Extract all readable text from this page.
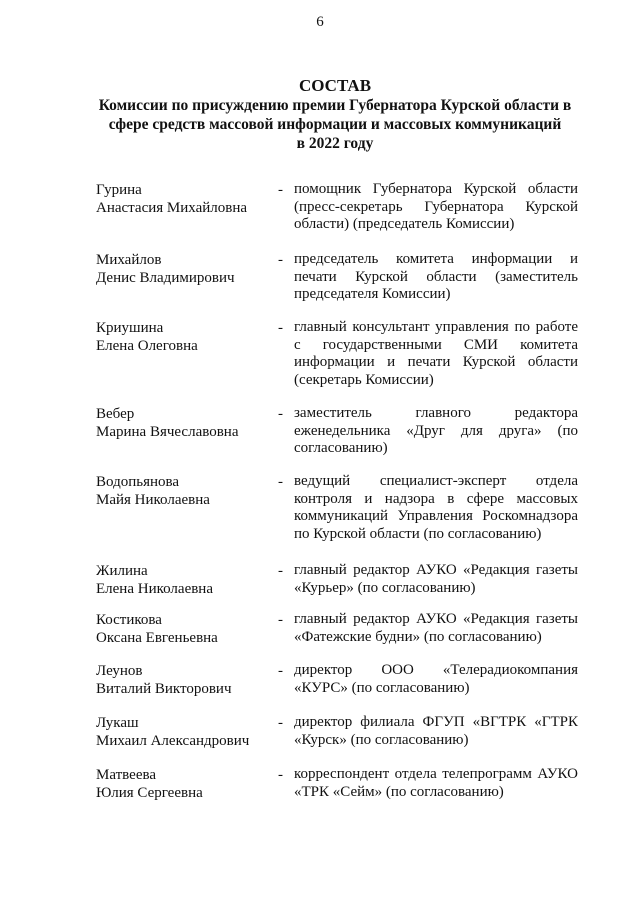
6
СОСТАВ
Комиссии по присуждению премии Губернатора Курской области в
сфере средств массовой информации и массовых коммуникаций
в 2022 году
Гурина
Анастасия Михайловна
- помощник Губернатора Курской области (пресс-секретарь Губернатора Курской области) (председатель Комиссии)
Михайлов
Денис Владимирович
- председатель комитета информации и печати Курской области (заместитель председателя Комиссии)
Криушина
Елена Олеговна
- главный консультант управления по работе с государственными СМИ комитета информации и печати Курской области (секретарь Комиссии)
Вебер
Марина Вячеславовна
- заместитель главного редактора еженедельника «Друг для друга» (по согласованию)
Водопьянова
Майя Николаевна
- ведущий специалист-эксперт отдела контроля и надзора в сфере массовых коммуникаций Управления Роскомнадзора по Курской области (по согласованию)
Жилина
Елена Николаевна
- главный редактор АУКО «Редакция газеты «Курьер» (по согласованию)
Костикова
Оксана Евгеньевна
- главный редактор АУКО «Редакция газеты «Фатежские будни» (по согласованию)
Леунов
Виталий Викторович
- директор ООО «Телерадиокомпания «КУРС» (по согласованию)
Лукаш
Михаил Александрович
- директор филиала ФГУП «ВГТРК «ГТРК «Курск» (по согласованию)
Матвеева
Юлия Сергеевна
- корреспондент отдела телепрограмм АУКО «ТРК «Сейм» (по согласованию)
